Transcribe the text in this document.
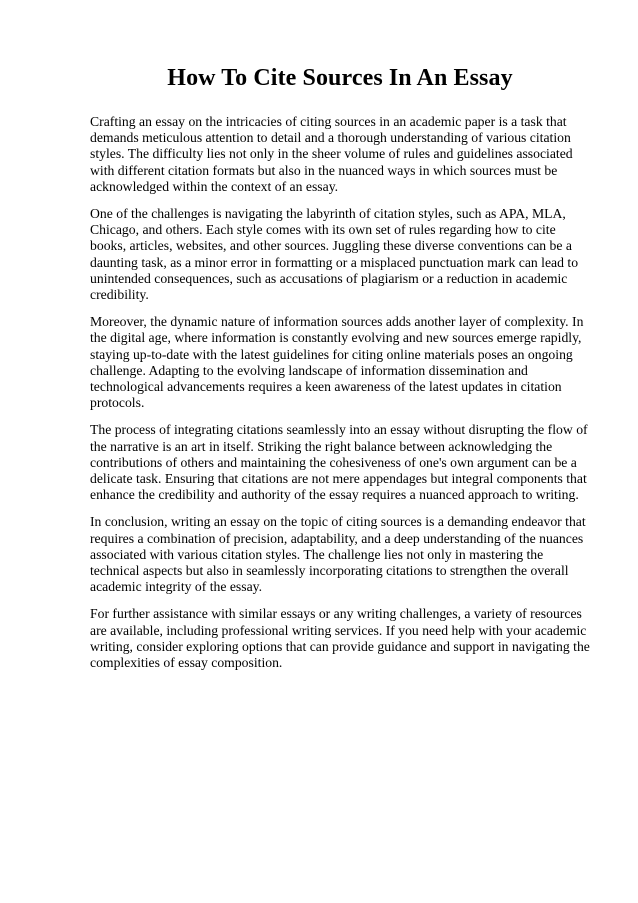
How To Cite Sources In An Essay

Crafting an essay on the intricacies of citing sources in an academic paper is a task that demands meticulous attention to detail and a thorough understanding of various citation styles. The difficulty lies not only in the sheer volume of rules and guidelines associated with different citation formats but also in the nuanced ways in which sources must be acknowledged within the context of an essay.

One of the challenges is navigating the labyrinth of citation styles, such as APA, MLA, Chicago, and others. Each style comes with its own set of rules regarding how to cite books, articles, websites, and other sources. Juggling these diverse conventions can be a daunting task, as a minor error in formatting or a misplaced punctuation mark can lead to unintended consequences, such as accusations of plagiarism or a reduction in academic credibility.

Moreover, the dynamic nature of information sources adds another layer of complexity. In the digital age, where information is constantly evolving and new sources emerge rapidly, staying up-to-date with the latest guidelines for citing online materials poses an ongoing challenge. Adapting to the evolving landscape of information dissemination and technological advancements requires a keen awareness of the latest updates in citation protocols.

The process of integrating citations seamlessly into an essay without disrupting the flow of the narrative is an art in itself. Striking the right balance between acknowledging the contributions of others and maintaining the cohesiveness of one's own argument can be a delicate task. Ensuring that citations are not mere appendages but integral components that enhance the credibility and authority of the essay requires a nuanced approach to writing.

In conclusion, writing an essay on the topic of citing sources is a demanding endeavor that requires a combination of precision, adaptability, and a deep understanding of the nuances associated with various citation styles. The challenge lies not only in mastering the technical aspects but also in seamlessly incorporating citations to strengthen the overall academic integrity of the essay.

For further assistance with similar essays or any writing challenges, a variety of resources are available, including professional writing services. If you need help with your academic writing, consider exploring options that can provide guidance and support in navigating the complexities of essay composition.
